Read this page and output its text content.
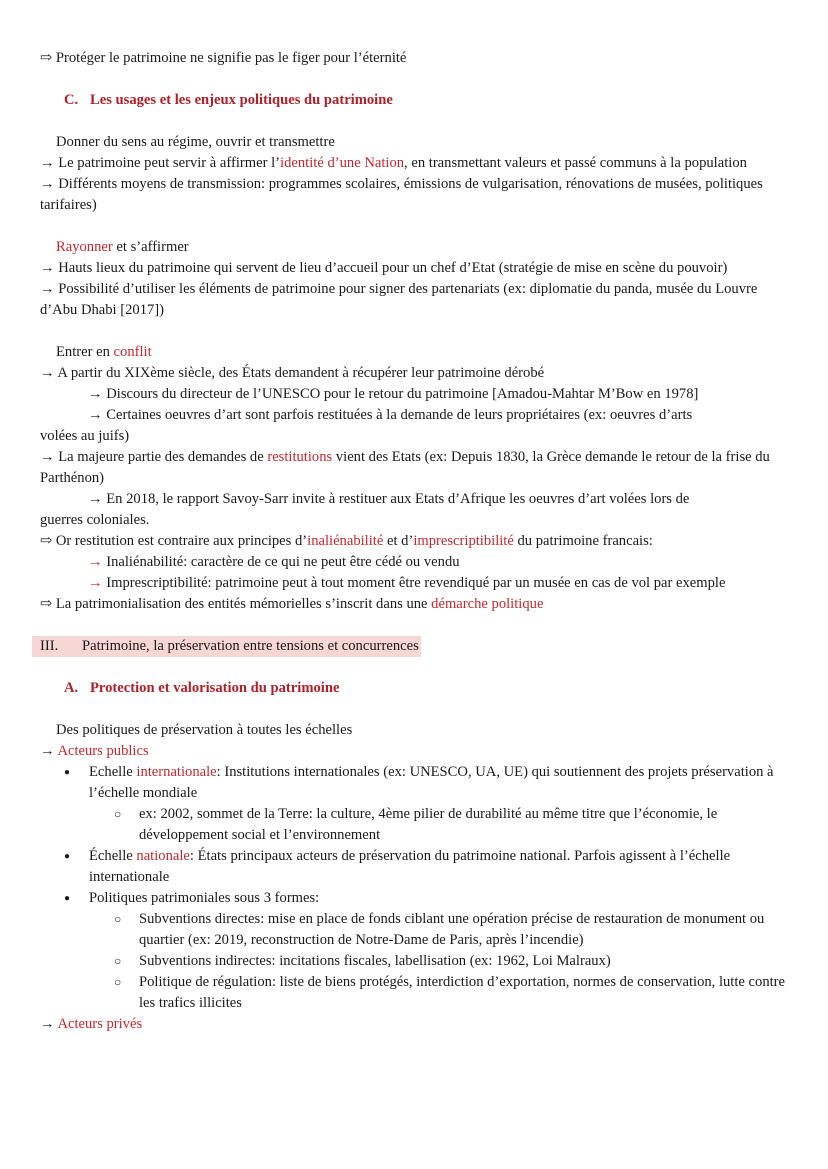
⇨ Protéger le patrimoine ne signifie pas le figer pour l’éternité

C. Les usages et les enjeux politiques du patrimoine

Donner du sens au régime, ouvrir et transmettre

→ Le patrimoine peut servir à affirmer l’identité d’une Nation, en transmettant valeurs et passé communs à la population

→ Différents moyens de transmission: programmes scolaires, émissions de vulgarisation, rénovations de musées, politiques tarifaires)

Rayonner et s’affirmer

→ Hauts lieux du patrimoine qui servent de lieu d’accueil pour un chef d’Etat (stratégie de mise en scène du pouvoir)

→ Possibilité d’utiliser les éléments de patrimoine pour signer des partenariats (ex: diplomatie du panda, musée du Louvre d’Abu Dhabi [2017])

Entrer en conflit

→ A partir du XIXème siècle, des États demandent à récupérer leur patrimoine dérobé

→ Discours du directeur de l’UNESCO pour le retour du patrimoine [Amadou-Mahtar M’Bow en 1978]

→ Certaines oeuvres d’art sont parfois restituées à la demande de leurs propriétaires (ex: oeuvres d’arts

volées au juifs)

→ La majeure partie des demandes de restitutions vient des Etats (ex: Depuis 1830, la Grèce demande le retour de la frise du Parthénon)

→ En 2018, le rapport Savoy-Sarr invite à restituer aux Etats d’Afrique les oeuvres d’art volées lors de

guerres coloniales.

⇨ Or restitution est contraire aux principes d’inaliénabilité et d’imprescriptibilité du patrimoine francais:

→ Inaliénabilité: caractère de ce qui ne peut être cédé ou vendu

→ Imprescriptibilité: patrimoine peut à tout moment être revendiqué par un musée en cas de vol par exemple

⇨ La patrimonialisation des entités mémorielles s’inscrit dans une démarche politique

III. Patrimoine, la préservation entre tensions et concurrences

A. Protection et valorisation du patrimoine

Des politiques de préservation à toutes les échelles

→ Acteurs publics

● Echelle internationale: Institutions internationales (ex: UNESCO, UA, UE) qui soutiennent des projets préservation à l’échelle mondiale
○ ex: 2002, sommet de la Terre: la culture, 4ème pilier de durabilité au même titre que l’économie, le développement social et l’environnement
● Échelle nationale: États principaux acteurs de préservation du patrimoine national. Parfois agissent à l’échelle internationale
● Politiques patrimoniales sous 3 formes:
○ Subventions directes: mise en place de fonds ciblant une opération précise de restauration de monument ou quartier (ex: 2019, reconstruction de Notre-Dame de Paris, après l’incendie)
○ Subventions indirectes: incitations fiscales, labellisation (ex: 1962, Loi Malraux)
○ Politique de régulation: liste de biens protégés, interdiction d’exportation, normes de conservation, lutte contre les trafics illicites

→ Acteurs privés
